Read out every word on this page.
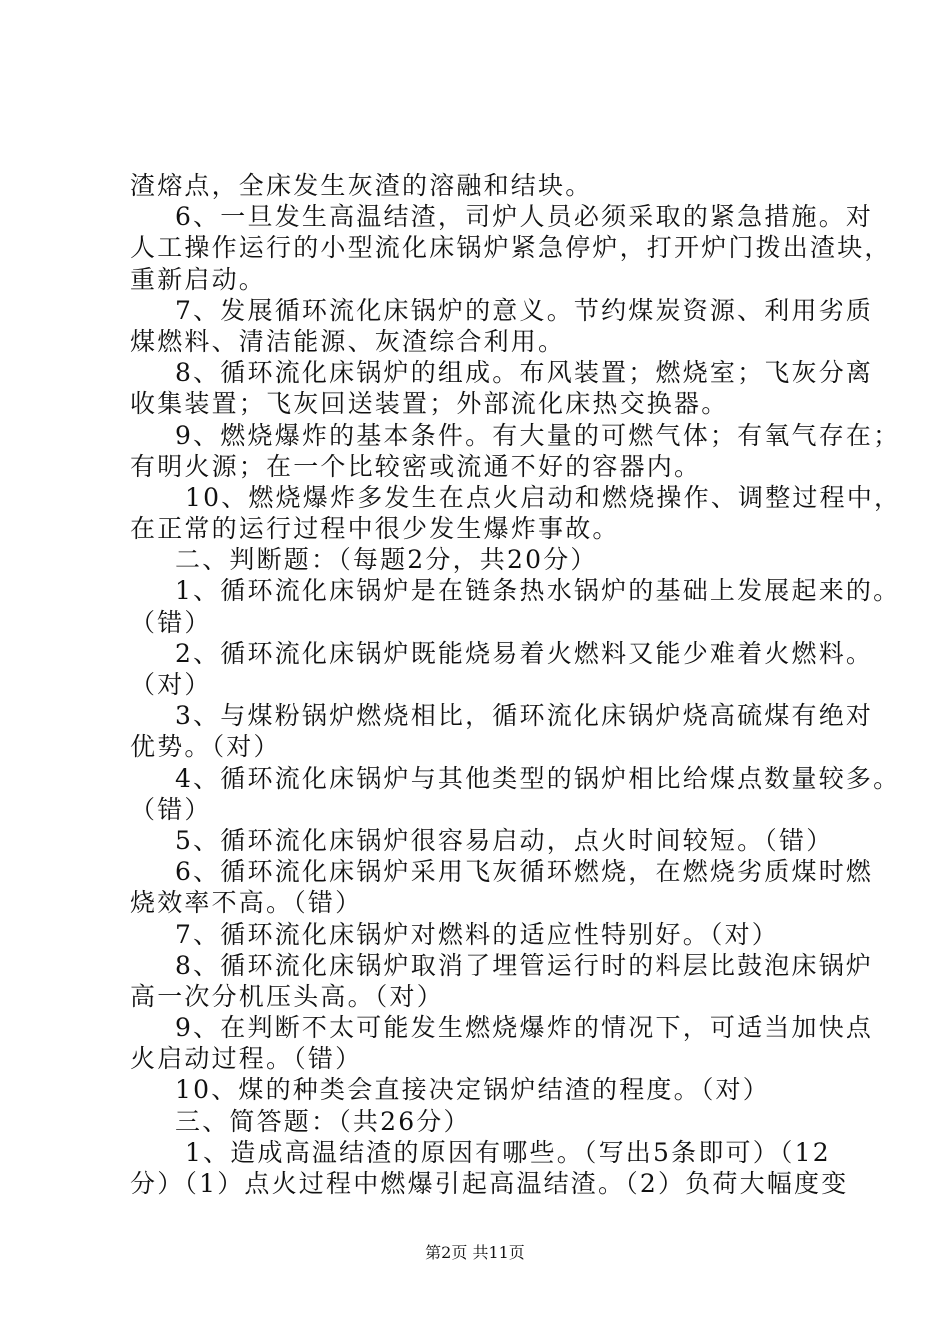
渣熔点，全床发生灰渣的溶融和结块。
6、一旦发生高温结渣，司炉人员必须采取的紧急措施。对
人工操作运行的小型流化床锅炉紧急停炉，打开炉门拨出渣块，
重新启动。
7、发展循环流化床锅炉的意义。节约煤炭资源、利用劣质
煤燃料、清洁能源、灰渣综合利用。
8、循环流化床锅炉的组成。布风装置；燃烧室；飞灰分离
收集装置；飞灰回送装置；外部流化床热交换器。
9、燃烧爆炸的基本条件。有大量的可燃气体；有氧气存在；
有明火源；在一个比较密或流通不好的容器内。
10、燃烧爆炸多发生在点火启动和燃烧操作、调整过程中，
在正常的运行过程中很少发生爆炸事故。
二、判断题：（每题2分，共20分）
1、循环流化床锅炉是在链条热水锅炉的基础上发展起来的。
（错）
2、循环流化床锅炉既能烧易着火燃料又能少难着火燃料。
（对）
3、与煤粉锅炉燃烧相比，循环流化床锅炉烧高硫煤有绝对
优势。（对）
4、循环流化床锅炉与其他类型的锅炉相比给煤点数量较多。
（错）
5、循环流化床锅炉很容易启动，点火时间较短。（错）
6、循环流化床锅炉采用飞灰循环燃烧，在燃烧劣质煤时燃
烧效率不高。（错）
7、循环流化床锅炉对燃料的适应性特别好。（对）
8、循环流化床锅炉取消了埋管运行时的料层比鼓泡床锅炉
高一次分机压头高。（对）
9、在判断不太可能发生燃烧爆炸的情况下，可适当加快点
火启动过程。（错）
10、煤的种类会直接决定锅炉结渣的程度。（对）
三、简答题：（共26分）
1、造成高温结渣的原因有哪些。（写出5条即可）（12
分）（1）点火过程中燃爆引起高温结渣。（2）负荷大幅度变
第2页 共11页
